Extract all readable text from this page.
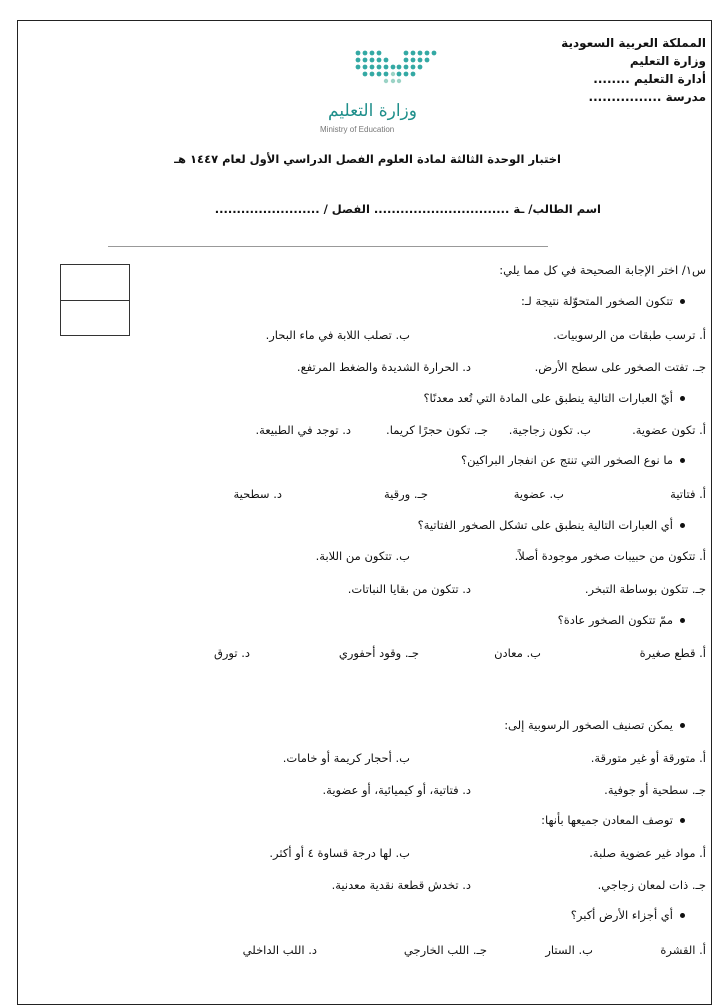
المملكة العربية السعودية
وزارة التعليم
أدارة التعليم ........
مدرسة ................
وزارة التعليم
Ministry of Education
اختبار الوحدة الثالثة لمادة العلوم الفصل الدراسي الأول لعام ١٤٤٧ هـ
اسم الطالب/ ـة ............................... الفصل / ........................
س١/ اختر الإجابة الصحيحة في كل مما يلي:
تتكون الصخور المتحوّلة نتيجة لـ:
أ. ترسب طبقات من الرسوبيات.
ب. تصلب اللابة في ماء البحار.
جـ. تفتت الصخور على سطح الأرض.
د. الحرارة الشديدة والضغط المرتفع.
أيّ العبارات التالية ينطبق على المادة التي تُعد معدنًا؟
أ. تكون عضوية.
ب. تكون زجاجية.
جـ. تكون حجرًا كريما.
د. توجد في الطبيعة.
ما نوع الصخور التي تنتج عن انفجار البراكين؟
أ. فتاتية
ب. عضوية
جـ. ورقية
د. سطحية
أي العبارات التالية ينطبق على تشكل الصخور الفتاتية؟
أ. تتكون من حبيبات صخور موجودة أصلاً.
ب. تتكون من اللابة.
جـ. تتكون بوساطة التبخر.
د. تتكون من بقايا النباتات.
ممّ تتكون الصخور عادة؟
أ. قطع صغيرة
ب. معادن
جـ. وقود أحفوري
د. تورق
يمكن تصنيف الصخور الرسوبية إلى:
أ. متورقة أو غير متورقة.
ب. أحجار كريمة أو خامات.
جـ. سطحية أو جوفية.
د. فتاتية، أو كيميائية، أو عضوية.
توصف المعادن جميعها بأنها:
أ. مواد غير عضوية صلبة.
ب. لها درجة قساوة ٤ أو أكثر.
جـ. ذات لمعان زجاجي.
د. تخدش قطعة نقدية معدنية.
أي أجزاء الأرض أكبر؟
أ. القشرة
ب. الستار
جـ. اللب الخارجي
د. اللب الداخلي
